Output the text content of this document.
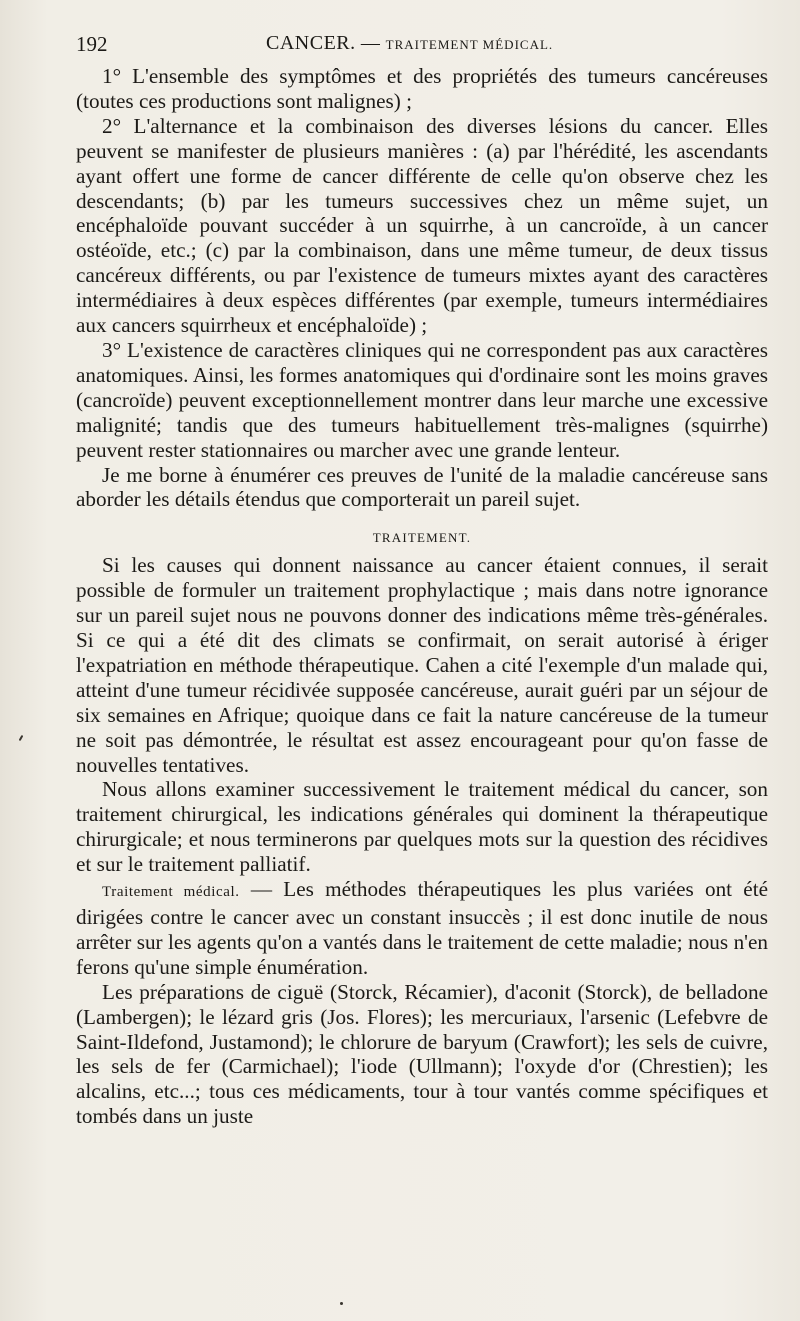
192	CANCER. — TRAITEMENT MÉDICAL.

1° L'ensemble des symptômes et des propriétés des tumeurs cancéreuses (toutes ces productions sont malignes) ;

2° L'alternance et la combinaison des diverses lésions du cancer. Elles peuvent se manifester de plusieurs manières : (a) par l'hérédité, les ascendants ayant offert une forme de cancer différente de celle qu'on observe chez les descendants; (b) par les tumeurs successives chez un même sujet, un encéphaloïde pouvant succéder à un squirrhe, à un cancroïde, à un cancer ostéoïde, etc.; (c) par la combinaison, dans une même tumeur, de deux tissus cancéreux différents, ou par l'existence de tumeurs mixtes ayant des caractères intermédiaires à deux espèces différentes (par exemple, tumeurs intermédiaires aux cancers squirrheux et encéphaloïde) ;

3° L'existence de caractères cliniques qui ne correspondent pas aux caractères anatomiques. Ainsi, les formes anatomiques qui d'ordinaire sont les moins graves (cancroïde) peuvent exceptionnellement montrer dans leur marche une excessive malignité; tandis que des tumeurs habituellement très-malignes (squirrhe) peuvent rester stationnaires ou marcher avec une grande lenteur.

Je me borne à énumérer ces preuves de l'unité de la maladie cancéreuse sans aborder les détails étendus que comporterait un pareil sujet.

TRAITEMENT.

Si les causes qui donnent naissance au cancer étaient connues, il serait possible de formuler un traitement prophylactique ; mais dans notre ignorance sur un pareil sujet nous ne pouvons donner des indications même très-générales. Si ce qui a été dit des climats se confirmait, on serait autorisé à ériger l'expatriation en méthode thérapeutique. Cahen a cité l'exemple d'un malade qui, atteint d'une tumeur récidivée supposée cancéreuse, aurait guéri par un séjour de six semaines en Afrique; quoique dans ce fait la nature cancéreuse de la tumeur ne soit pas démontrée, le résultat est assez encourageant pour qu'on fasse de nouvelles tentatives.

Nous allons examiner successivement le traitement médical du cancer, son traitement chirurgical, les indications générales qui dominent la thérapeutique chirurgicale; et nous terminerons par quelques mots sur la question des récidives et sur le traitement palliatif.

Traitement médical. — Les méthodes thérapeutiques les plus variées ont été dirigées contre le cancer avec un constant insuccès ; il est donc inutile de nous arrêter sur les agents qu'on a vantés dans le traitement de cette maladie; nous n'en ferons qu'une simple énumération.

Les préparations de ciguë (Storck, Récamier), d'aconit (Storck), de belladone (Lambergen); le lézard gris (Jos. Flores); les mercuriaux, l'arsenic (Lefebvre de Saint-Ildefond, Justamond); le chlorure de baryum (Crawfort); les sels de cuivre, les sels de fer (Carmichael); l'iode (Ullmann); l'oxyde d'or (Chrestien); les alcalins, etc...; tous ces médicaments, tour à tour vantés comme spécifiques et tombés dans un juste
